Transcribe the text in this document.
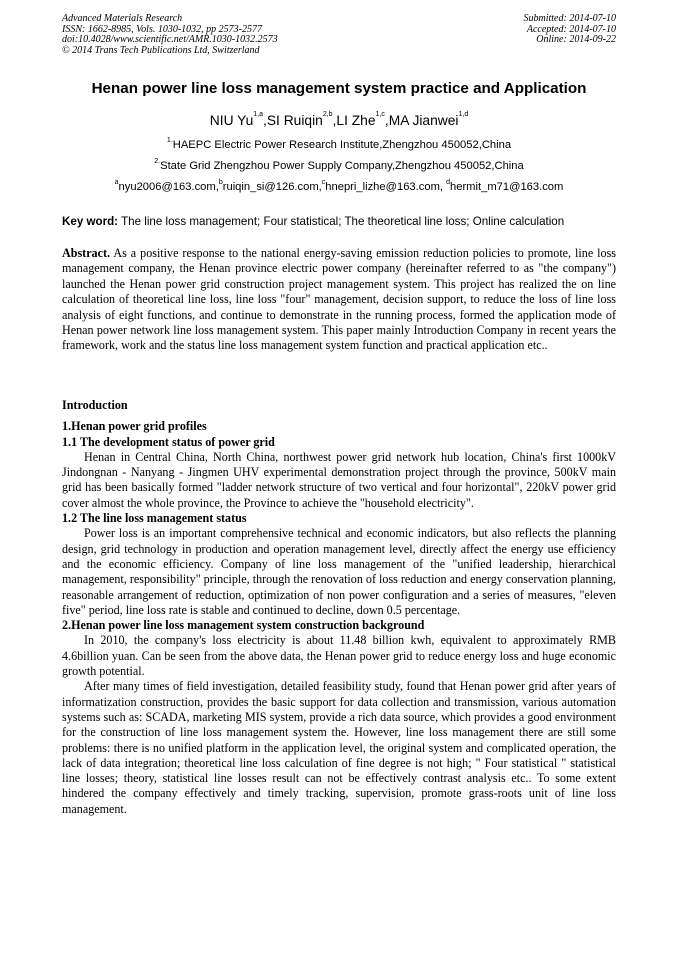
Advanced Materials Research
ISSN: 1662-8985, Vols. 1030-1032, pp 2573-2577
doi:10.4028/www.scientific.net/AMR.1030-1032.2573
© 2014 Trans Tech Publications Ltd, Switzerland
Submitted: 2014-07-10
Accepted: 2014-07-10
Online: 2014-09-22
Henan power line loss management system practice and Application
NIU Yu$^{1,a}$,SI Ruiqin$^{2,b}$,LI Zhe$^{1,c}$,MA Jianwei$^{1,d}$
$^{1.}$HAEPC Electric Power Research Institute,Zhengzhou 450052,China
$^{2.}$State Grid Zhengzhou Power Supply Company,Zhengzhou 450052,China
$^a$nyu2006@163.com,$^b$ruiqin_si@126.com,$^c$hnepri_lizhe@163.com, $^d$hermit_m71@163.com
Key word: The line loss management; Four statistical; The theoretical line loss; Online calculation
Abstract. As a positive response to the national energy-saving emission reduction policies to promote, line loss management company, the Henan province electric power company (hereinafter referred to as "the company") launched the Henan power grid construction project management system. This project has realized the on line calculation of theoretical line loss, line loss "four" management, decision support, to reduce the loss of line loss analysis of eight functions, and continue to demonstrate in the running process, formed the application mode of Henan power network line loss management system. This paper mainly Introduction Company in recent years the framework, work and the status line loss management system function and practical application etc..
Introduction
1.Henan power grid profiles
1.1 The development status of power grid

Henan in Central China, North China, northwest power grid network hub location, China's first 1000kV Jindongnan - Nanyang - Jingmen UHV experimental demonstration project through the province, 500kV main grid has been basically formed "ladder network structure of two vertical and four horizontal", 220kV power grid cover almost the whole province, the Province to achieve the "household electricity".

1.2 The line loss management status

Power loss is an important comprehensive technical and economic indicators, but also reflects the planning design, grid technology in production and operation management level, directly affect the energy use efficiency and the economic efficiency. Company of line loss management of the "unified leadership, hierarchical management, responsibility" principle, through the renovation of loss reduction and energy conservation planning, reasonable arrangement of reduction, optimization of non power configuration and a series of measures, "eleven five" period, line loss rate is stable and continued to decline, down 0.5 percentage.

2.Henan power line loss management system construction background

In 2010, the company's loss electricity is about 11.48 billion kwh, equivalent to approximately RMB 4.6billion yuan. Can be seen from the above data, the Henan power grid to reduce energy loss and huge economic growth potential.

After many times of field investigation, detailed feasibility study, found that Henan power grid after years of informatization construction, provides the basic support for data collection and transmission, various automation systems such as: SCADA, marketing MIS system, provide a rich data source, which provides a good environment for the construction of line loss management system the. However, line loss management there are still some problems: there is no unified platform in the application level, the original system and complicated operation, the lack of data integration; theoretical line loss calculation of fine degree is not high; " Four statistical " statistical line losses; theory, statistical line losses result can not be effectively contrast analysis etc.. To some extent hindered the company effectively and timely tracking, supervision, promote grass-roots unit of line loss management.
